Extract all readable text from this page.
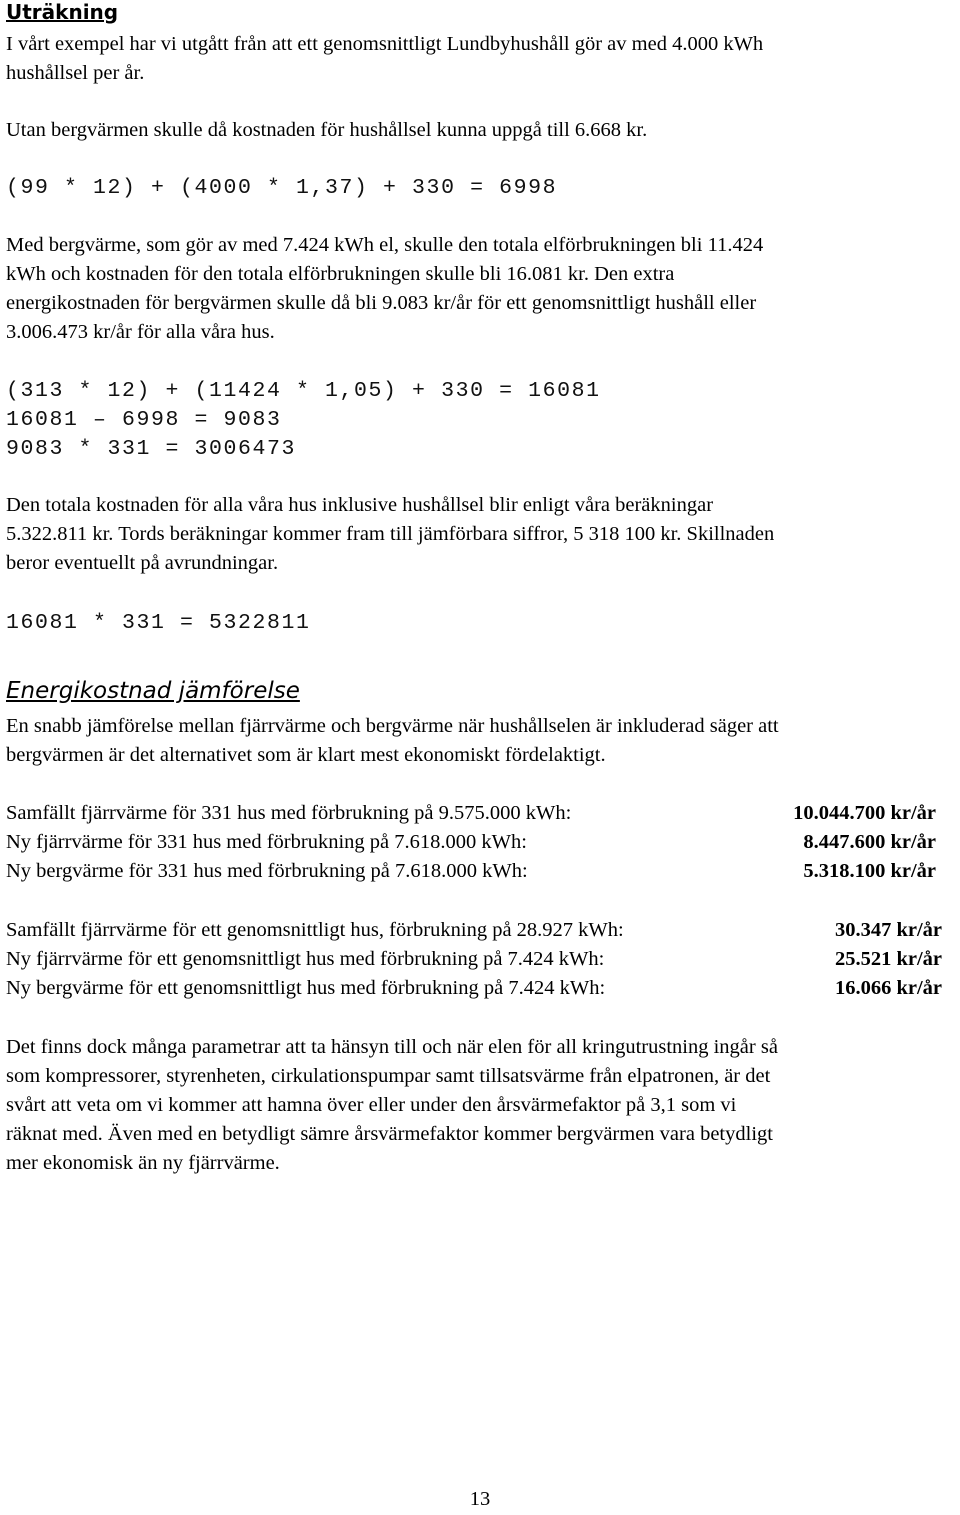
Uträkning
I vårt exempel har vi utgått från att ett genomsnittligt Lundbyhushåll gör av med 4.000 kWh
hushållsel per år.
Utan bergvärmen skulle då kostnaden för hushållsel kunna uppgå till 6.668 kr.
(99 * 12) + (4000 * 1,37) + 330 = 6998
Med bergvärme, som gör av med 7.424 kWh el, skulle den totala elförbrukningen bli 11.424
kWh och kostnaden för den totala elförbrukningen skulle bli 16.081 kr. Den extra
energikostnaden för bergvärmen skulle då bli 9.083 kr/år för ett genomsnittligt hushåll eller
3.006.473 kr/år för alla våra hus.
(313 * 12) + (11424 * 1,05) + 330 = 16081
16081 – 6998 = 9083
9083 * 331 = 3006473
Den totala kostnaden för alla våra hus inklusive hushållsel blir enligt våra beräkningar
5.322.811 kr. Tords beräkningar kommer fram till jämförbara siffror, 5 318 100 kr. Skillnaden
beror eventuellt på avrundningar.
16081 * 331 = 5322811
Energikostnad jämförelse
En snabb jämförelse mellan fjärrvärme och bergvärme när hushållselen är inkluderad säger att
bergvärmen är det alternativet som är klart mest ekonomiskt fördelaktigt.
Samfällt fjärrvärme för 331 hus med förbrukning på 9.575.000 kWh:	10.044.700 kr/år
Ny fjärrvärme för 331 hus med förbrukning på 7.618.000 kWh:	8.447.600 kr/år
Ny bergvärme för 331 hus med förbrukning på 7.618.000 kWh:	5.318.100 kr/år
Samfällt fjärrvärme för ett genomsnittligt hus, förbrukning på 28.927 kWh:	30.347 kr/år
Ny fjärrvärme för ett genomsnittligt hus med förbrukning på 7.424 kWh:	25.521 kr/år
Ny bergvärme för ett genomsnittligt hus med förbrukning på 7.424 kWh:	16.066 kr/år
Det finns dock många parametrar att ta hänsyn till och när elen för all kringutrustning ingår så
som kompressorer, styrenheten, cirkulationspumpar samt tillsatsvärme från elpatronen, är det
svårt att veta om vi kommer att hamna över eller under den årsvärmefaktor på 3,1 som vi
räknat med. Även med en betydligt sämre årsvärmefaktor kommer bergvärmen vara betydligt
mer ekonomisk än ny fjärrvärme.
13
